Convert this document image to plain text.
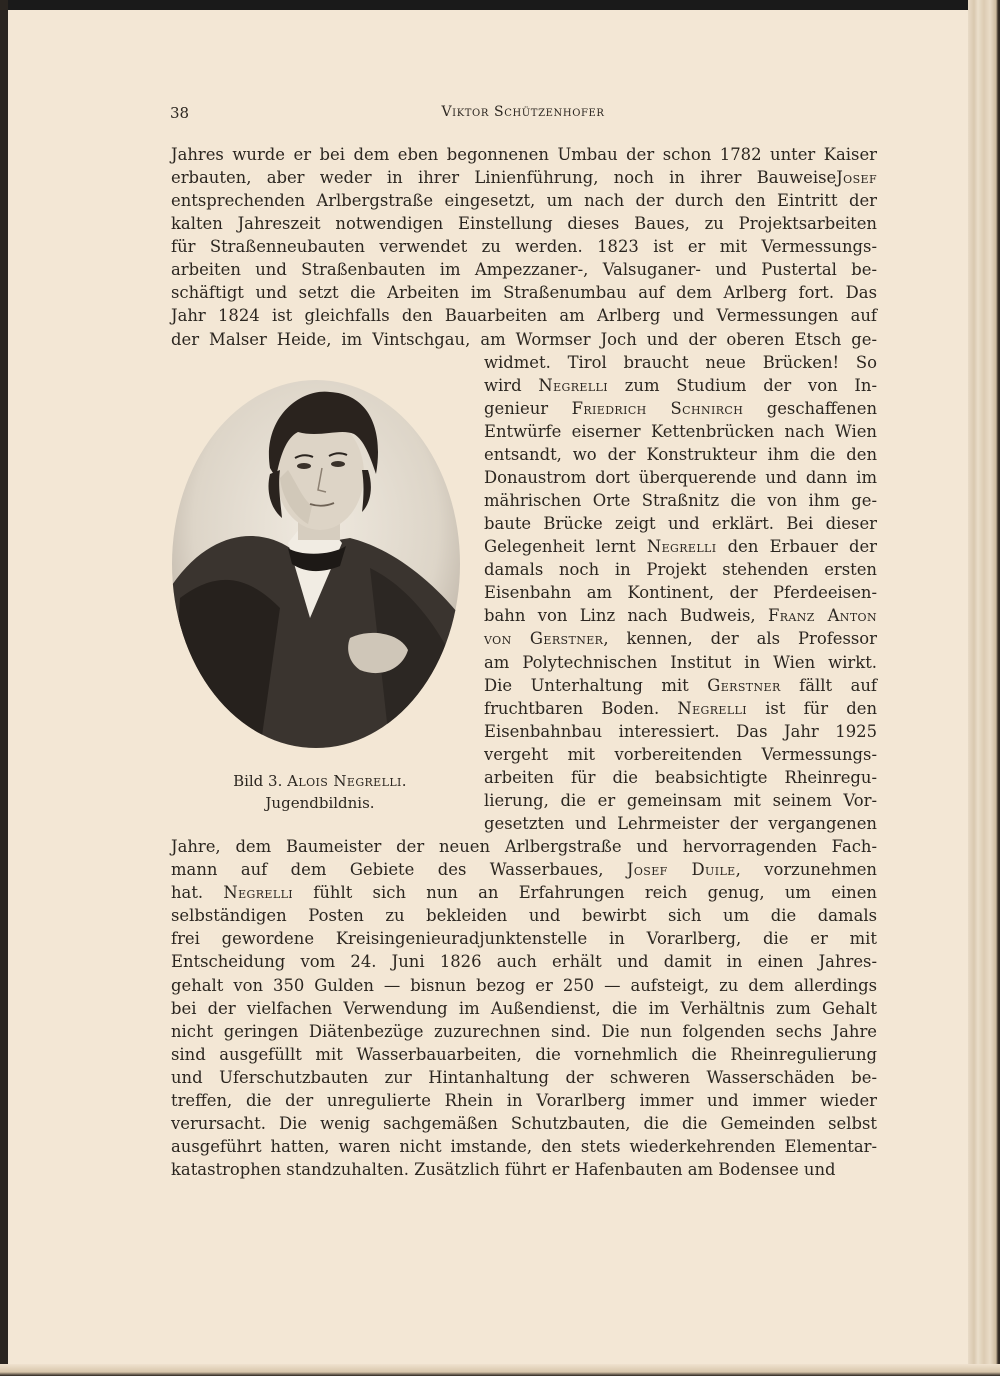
38	Viktor Schützenhofer
Jahres wurde er bei dem eben begonnenen Umbau der schon 1782 unter Kaiser
erbauten, aber weder in ihrer Linienführung, noch in ihrer BauweiseJosef
entsprechenden Arlbergstraße eingesetzt, um nach der durch den Eintritt der
kalten Jahreszeit notwendigen Einstellung dieses Baues, zu Projektsarbeiten
für Straßenneubauten verwendet zu werden. 1823 ist er mit Vermessungs-
arbeiten und Straßenbauten im Ampezzaner-, Valsuganer- und Pustertal be-
schäftigt und setzt die Arbeiten im Straßenumbau auf dem Arlberg fort. Das
Jahr 1824 ist gleichfalls den Bauarbeiten am Arlberg und Vermessungen auf
der Malser Heide, im Vintschgau, am Wormser Joch und der oberen Etsch ge-
widmet. Tirol braucht neue Brücken! So
wird Negrelli zum Studium der von In-
genieur Friedrich Schnirch geschaffenen
Entwürfe eiserner Kettenbrücken nach Wien
entsandt, wo der Konstrukteur ihm die den
Donaustrom dort überquerende und dann im
mährischen Orte Straßnitz die von ihm ge-
baute Brücke zeigt und erklärt. Bei dieser
Gelegenheit lernt Negrelli den Erbauer der
damals noch in Projekt stehenden ersten
Eisenbahn am Kontinent, der Pferdeeisen-
bahn von Linz nach Budweis, Franz Anton
von Gerstner, kennen, der als Professor
am Polytechnischen Institut in Wien wirkt.
Die Unterhaltung mit Gerstner fällt auf
fruchtbaren Boden. Negrelli ist für den
Eisenbahnbau interessiert. Das Jahr 1925
vergeht mit vorbereitenden Vermessungs-
arbeiten für die beabsichtigte Rheinregu-
lierung, die er gemeinsam mit seinem Vor-
gesetzten und Lehrmeister der vergangenen
Jahre, dem Baumeister der neuen Arlbergstraße und hervorragenden Fach-
mann auf dem Gebiete des Wasserbaues, Josef Duile, vorzunehmen
hat. Negrelli fühlt sich nun an Erfahrungen reich genug, um einen
selbständigen Posten zu bekleiden und bewirbt sich um die damals
frei gewordene Kreisingenieuradjunktenstelle in Vorarlberg, die er mit
Entscheidung vom 24. Juni 1826 auch erhält und damit in einen Jahres-
gehalt von 350 Gulden — bisnun bezog er 250 — aufsteigt, zu dem allerdings
bei der vielfachen Verwendung im Außendienst, die im Verhältnis zum Gehalt
nicht geringen Diätenbezüge zuzurechnen sind. Die nun folgenden sechs Jahre
sind ausgefüllt mit Wasserbauarbeiten, die vornehmlich die Rheinregulierung
und Uferschutzbauten zur Hintanhaltung der schweren Wasserschäden be-
treffen, die der unregulierte Rhein in Vorarlberg immer und immer wieder
verursacht. Die wenig sachgemäßen Schutzbauten, die die Gemeinden selbst
ausgeführt hatten, waren nicht imstande, den stets wiederkehrenden Elementar-
katastrophen standzuhalten. Zusätzlich führt er Hafenbauten am Bodensee und
Bild 3. Alois Negrelli.
Jugendbildnis.
